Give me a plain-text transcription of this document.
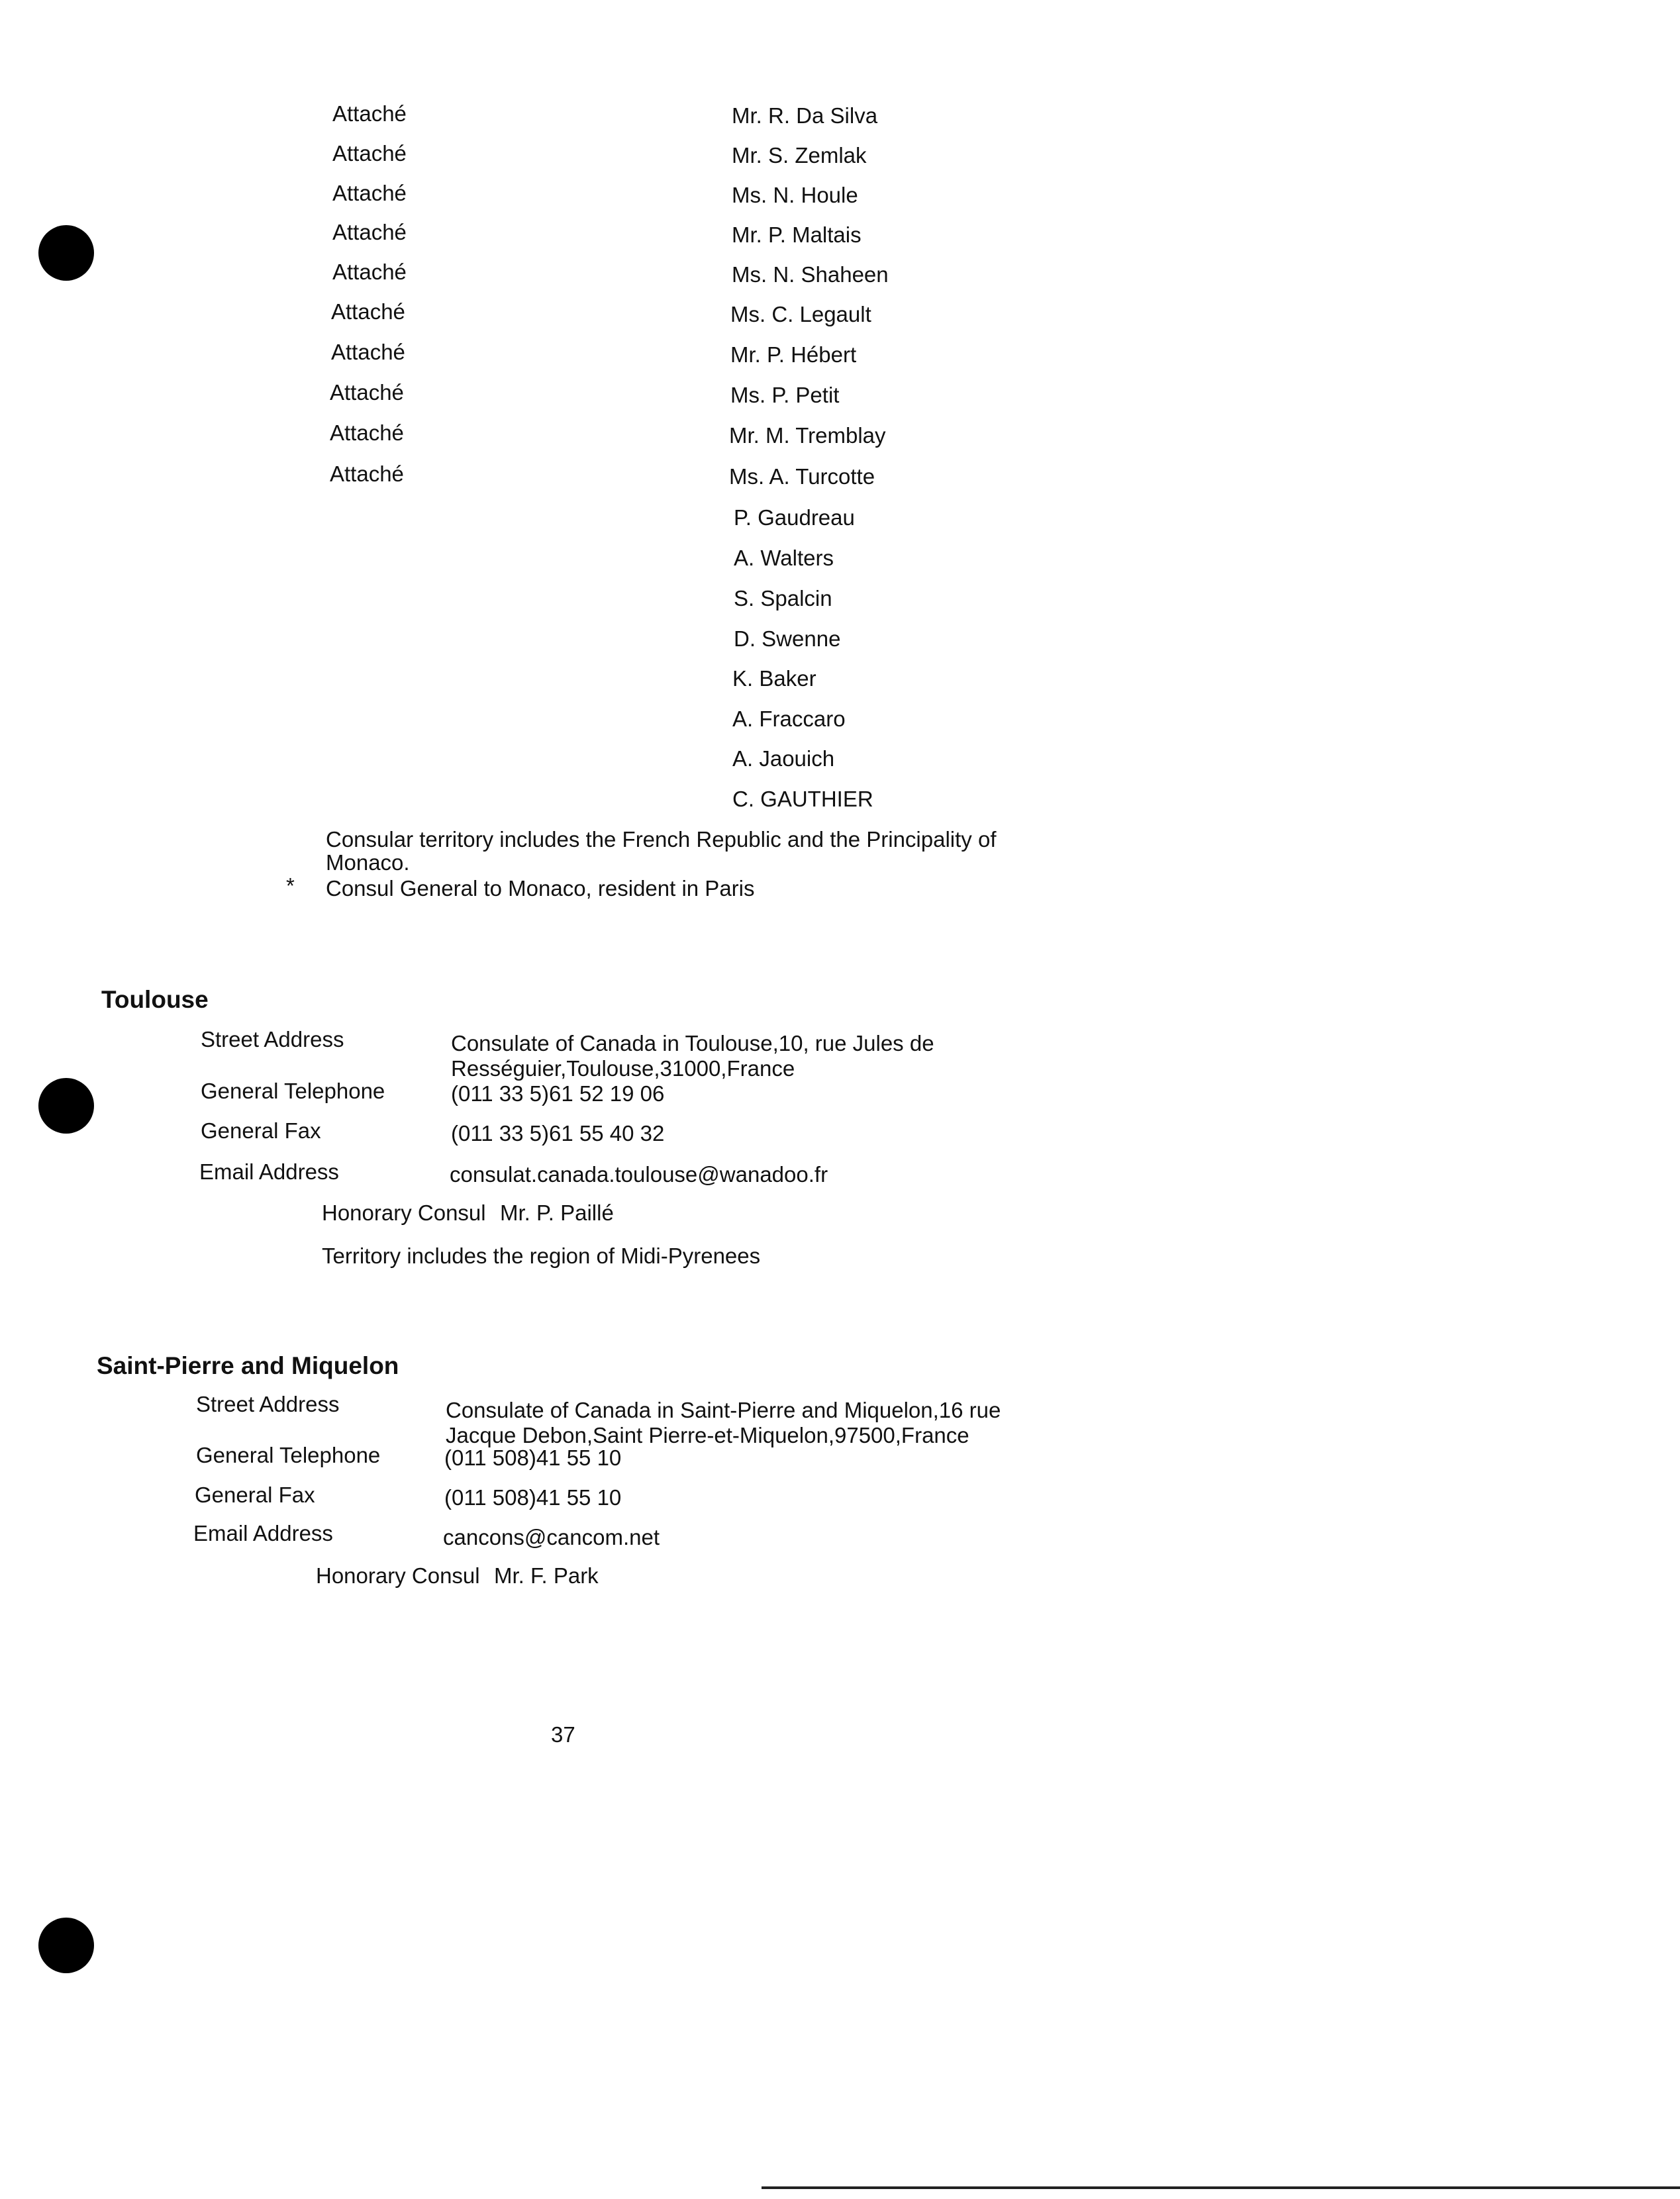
Attaché	Mr. R. Da Silva
Attaché	Mr. S. Zemlak
Attaché	Ms. N. Houle
Attaché	Mr. P. Maltais
Attaché	Ms. N. Shaheen
Attaché	Ms. C. Legault
Attaché	Mr. P. Hébert
Attaché	Ms. P. Petit
Attaché	Mr. M. Tremblay
Attaché	Ms. A. Turcotte
P. Gaudreau
A. Walters
S. Spalcin
D. Swenne
K. Baker
A. Fraccaro
A. Jaouich
C. GAUTHIER
Consular territory includes the French Republic and the Principality of Monaco.
* Consul General to Monaco, resident in Paris
Toulouse
Street Address	Consulate of Canada in Toulouse,10, rue Jules de
Rességuier,Toulouse,31000,France
General Telephone	(011 33 5)61 52 19 06
General Fax	(011 33 5)61 55 40 32
Email Address	consulat.canada.toulouse@wanadoo.fr
Honorary Consul Mr. P. Paillé
Territory includes the region of Midi-Pyrenees
Saint-Pierre and Miquelon
Street Address	Consulate of Canada in Saint-Pierre and Miquelon,16 rue
Jacque Debon,Saint Pierre-et-Miquelon,97500,France
General Telephone	(011 508)41 55 10
General Fax	(011 508)41 55 10
Email Address	cancons@cancom.net
Honorary Consul Mr. F. Park
37
